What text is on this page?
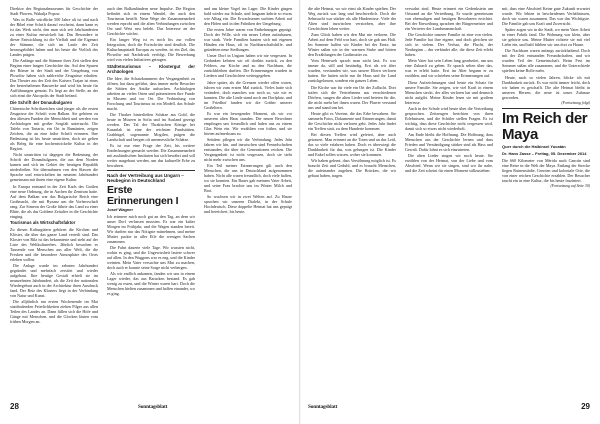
Direktor des Regionalmuseums für Geschichte der Stadt Plowen, Wakulja Popow.

Was in Bulle würdliche 500 Jahre alt ist und nach der Bibel eine Schrift darauf erscheint, dann kann es ist das Werk nicht, den man sich seit Jahrhunderten zu einer Kultur entwickelt hat. Das Besondere in dieser Entwicklung ist die Vielfalt und die Eigenart der Stämme, die sich im Laufe der Zeit herausgebildet haben und bis heute die Vielfalt des Landes prägen.

Die Anfänge und die Stämme ihrer Zeit stellen den Beginn einer langen Geschichte dar. Auf den Spuren der Römer in der Stadt und der Umgebung von Plowdiw haben sich zahlreiche Zeugnisse erhalten. Das Theater aus der Zeit des Kaisers Trajan ist eines der besterhaltenen Bauwerke und wird bis heute für Aufführungen genutzt. Es liegt an der Stelle, an der sich einst die Akropolis der Stadt befand.

Die Schrift der Donaubulgaren

Chinesische Schriftzeichen sind jünger als die ersten Zeugnisse der Schrift vom Balkan. Sie gehören zu den ältesten Funden der Menschheit und werden von Archäologen mit großer Sorgfalt untersucht. Die Tafeln von Tartaria, ein Ort in Rumänien, zeigen Zeichen, die an eine frühe Schrift erinnern. Ihre Bedeutung ist bis heute umstritten, doch sie gelten als Beleg für eine hochentwickelte Kultur in der Region.

Nicht umstritten ist dagegen die Bedeutung der Schrift der Donaubulgaren, die aus dem Norden kamen und sich im Gebiet der heutigen Republik niederließen. Sie übernahmen von den Slawen die Sprache und entwickelten im neunten Jahrhundert gemeinsam mit ihnen eine eigene Kultur.

In Europa entstand in der Zeit Karls des Großen eine neue Ordnung, die in Aachen ihr Zentrum hatte. Auf dem Balkan war das Bulgarische Reich eine Großmacht, die mit Byzanz um die Vorherrschaft rang. Zar Simeon der Große führte das Land zu einer Blüte, die als das Goldene Zeitalter in die Geschichte einging.

Tourismus als Wirtschaftsfaktor

Zu diesen Kulturgütern gehören die Kirchen und Klöster, die über das ganze Land verteilt sind. Das Kloster von Rila ist das bekannteste und steht auf der Liste des Weltkulturerbes. Jährlich besuchen es Tausende von Menschen aus aller Welt, die die Fresken und die besondere Atmosphäre des Ortes erleben wollen.

Die Anlage wurde im zehnten Jahrhundert gegründet und mehrfach zerstört und wieder aufgebaut. Ihre heutige Gestalt erhielt sie im neunzehnten Jahrhundert, als die Zeit der nationalen Wiedergeburt auch in der Architektur ihren Ausdruck fand. Der Reiz des Klosters liegt in der Verbindung von Natur und Kunst.

Die alljährlich am ersten Wochenende im Mai stattfindenden Feierlichkeiten ziehen Pilger aus allen Teilen des Landes an. Dann füllen sich die Höfe und Gänge mit Menschen, und die Glocken läuten vom frühen Morgen an.

auch den Balkanländern neue Impulse. Die Region befindet sich in einem Wandel, der auch den Tourismus betrifft. Neue Wege der Zusammenarbeit werden erprobt und die alten Verbindungen zwischen Ost und West neu belebt. Das Interesse an der Geschichte wächst.

Ein langer Weg ist es noch bis zur vollen Integration, doch die Fortschritte sind deutlich. Die Kulturhauptstadt Europas zu werden, ist ein Ziel, das Plowdiw mit Nachdruck verfolgt. Die Bewerbung wird von vielen Initiativen getragen.

Städtetourismus – Klostergut der Archäologen

Die Idee, die Schatzkammern der Vergangenheit zu öffnen, hat dazu geführt, dass immer mehr Besucher die Stätten der Antike aufsuchen. Archäologen arbeiten an vielen Orten und präsentieren ihre Funde in Museen und vor Ort. Die Verbindung von Forschung und Tourismus ist ein Modell, das Schule macht.

Die Thraker hinterließen Schätze aus Gold, die heute in Museen in Sofia und im Ausland gezeigt werden. Das Tal der Thrakischen Könige bei Kasanlak ist eine der reichsten Fundstätten. Grabhügel, sogenannte Mogilen, prägen die Landschaft und bergen oft unermessliche Schätze.

Es ist nur eine Frage der Zeit, bis weitere Entdeckungen gemacht werden. Die Zusammenarbeit mit ausländischen Instituten hat sich bewährt und soll weiter ausgebaut werden, um das kulturelle Erbe zu bewahren.

Nach der Vertreibung aus Ungarn – Neubeginn in Deutschland
Erste Erinnerungen I
Josef Wagner

Ich erinnere mich noch gut an den Tag, an dem wir unser Dorf verlassen mussten. Es war ein kalter Morgen im Frühjahr, und die Wagen standen bereit. Wir durften nur das Nötigste mitnehmen, und meine Mutter packte in aller Eile die wenigen Sachen zusammen.

Die Fahrt dauerte viele Tage. Wir wussten nicht, wohin es ging, und die Ungewissheit lastete schwer auf allen. In den Waggons war es eng, und die Kinder weinten. Mein Vater versuchte uns Mut zu machen, doch auch er konnte seine Sorge nicht verbergen.

Als wir endlich ankamen, fanden wir uns in einem Lager wieder, das aus Baracken bestand. Es gab wenig zu essen, und die Winter waren hart. Doch die Menschen hielten zusammen und halfen einander, wo es ging.

und ans kleine Vogel ins Lager. Die Kinder gingen bald wieder zur Schule, und langsam kehrte so etwas wie Alltag ein. Die Erwachsenen suchten Arbeit auf den Höfen und in den Fabriken der Umgebung.

Die ersten Jahre waren von Entbehrungen geprägt. Doch der Wille, sich ein neues Leben aufzubauen, war stark. Viele Familien bauten sich mit eigenen Händen ein Haus, oft in Nachbarschaftshilfe, und gründeten neue Siedlungen.

Unser Dorf in Ungarn haben wir nie vergessen. In Gedanken kehrten wir oft dorthin zurück, zu den Feldern, zur Kirche und zu den Nachbarn, die zurückbleiben durften. Die Erinnerungen wurden in Liedern und Geschichten weitergegeben.

Jahre später, als die Grenzen wieder offen waren, fuhren wir zum ersten Mal zurück. Vieles hatte sich verändert, doch manches war noch so, wie wir es kannten. Die alte Linde stand noch am Dorfplatz, und im Friedhof fanden wir die Gräber unserer Großeltern.

Es war ein bewegender Moment, als wir vor unserem alten Haus standen. Die neuen Bewohner empfingen uns freundlich und luden uns zu einem Glas Wein ein. Wir erzählten von früher, und sie hörten aufmerksam zu.

Seitdem pflegen wir die Verbindung. Jedes Jahr fahren wir hin, und inzwischen sind Freundschaften entstanden, die über die Generationen reichen. Die Vergangenheit ist nicht vergessen, doch sie steht nicht mehr zwischen uns.

Ein Teil meiner Erinnerungen gilt auch den Menschen, die uns in Deutschland aufgenommen haben. Nicht alle waren freundlich, doch viele halfen, wo sie konnten. Ein Bauer gab meinem Vater Arbeit, und seine Frau brachte uns im Winter Milch und Brot.

So wuchsen wir in zwei Welten auf. Zu Hause sprachen wir unseren Dialekt, in der Schule Hochdeutsch. Diese doppelte Heimat hat uns geprägt und bereichert, bis heute.

28	Sonntagsblatt

die alte Heimat, wo wir einst als Kinder spielten. Der Weg zurück war lang und beschwerlich. Doch die Sehnsucht war stärker als alle Hindernisse. Viele der Alten sind inzwischen verstorben, aber ihre Geschichten leben weiter.

Zum Glück haben wir den Mut nie verloren. Die Arbeit auf dem Feld war hart, doch sie gab uns Halt. Im Sommer halfen wir Kinder bei der Ernte, im Winter saßen wir in der warmen Stube und hörten den Erzählungen der Großmutter zu.

Vom Heimweh sprach man nicht laut. Es war immer da, still und beständig. Erst als wir älter wurden, verstanden wir, was unsere Eltern verloren hatten. Sie hatten nicht nur ihr Haus und ihr Land zurückgelassen, sondern ein ganzes Leben.

Die Kirche war für viele ein Ort der Zuflucht. Dort trafen sich die Vertriebenen aus verschiedenen Dörfern, sangen die alten Lieder und beteten für die, die nicht mehr bei ihnen waren. Der Pfarrer verstand uns und stand uns bei.

Heute gibt es Vereine, die das Erbe bewahren. Sie sammeln Fotos, Dokumente und Erinnerungen, damit die Geschichte nicht verloren geht. Jedes Jahr findet ein Treffen statt, zu dem Hunderte kommen.

Bei diesen Treffen wird gefeiert, aber auch getrauert. Man erinnert an die Toten und an das Leid, das so viele erfahren haben. Doch es überwiegt die Dankbarkeit für das, was gelungen ist. Die Kinder und Enkel sollen wissen, woher sie kommen.

Wir haben gelernt, dass Versöhnung möglich ist. Es braucht Zeit und Geduld, und es braucht Menschen, die aufeinander zugehen. Die Brücken, die wir gebaut haben, tragen.

verwahrt sind. Heute erinnert ein Gedenkstein am Ortsrand an die Vertreibung. Er wurde gemeinsam von ehemaligen und heutigen Bewohnern errichtet. Bei der Einweihung sprachen der Bürgermeister und ein Vertreter der Landsmannschaft.

Die Geschichte unserer Familie ist eine von vielen. Jede Familie hat ihre eigene, und doch gleichen sie sich in vielem. Der Verlust, die Flucht, der Neubeginn – das verbindet alle, die diese Zeit erlebt haben.

Mein Vater hat sein Leben lang gearbeitet, um uns eine Zukunft zu geben. Er sprach selten über das, was er erlebt hatte. Erst im Alter begann er zu erzählen, und wir schrieben seine Erinnerungen auf.

Diese Aufzeichnungen sind heute ein Schatz für unsere Familie. Sie zeigen, wie viel Kraft in einem Menschen steckt, der alles verloren hat und dennoch nicht aufgibt. Meine Kinder lesen sie mit großem Interesse.

Auch in der Schule wird heute über die Vertreibung gesprochen. Zeitzeugen berichten von ihren Erlebnissen, und die Schüler stellen Fragen. Es ist wichtig, dass diese Geschichte nicht vergessen wird, damit sich so etwas nicht wiederholt.

Am Ende bleibt die Hoffnung. Die Hoffnung, dass Menschen aus der Geschichte lernen und dass Frieden und Verständigung stärker sind als Hass und Gewalt. Dafür lohnt es sich einzutreten.

Die alten Lieder singen wir noch heute. Sie erzählen von der Heimat, von der Liebe und vom Abschied. Wenn wir sie singen, sind wir ihr nahe, und die Zeit scheint für einen Moment stillzustehen.

mit, dass eine Abschied Keine gute Zukunft erwartet wurde. Wir lebten in bescheidenen Verhältnissen, doch wir waren zusammen. Das war das Wichtigste. Die Familie gab uns Kraft und Zuversicht.

Später zogen wir in die Stadt, wo mein Vater Arbeit in einer Fabrik fand. Die Wohnung war klein, aber sie gehörte uns. Meine Mutter richtete sie mit viel Liebe ein, und bald fühlten wir uns dort zu Hause.

Die Nachbarn waren anfangs zurückhaltend. Doch mit der Zeit entstanden Freundschaften, und wir wurden Teil der Gemeinschaft. Beim Fest im Sommer saßen alle zusammen, und die Unterschiede spielten keine Rolle mehr.

Heute, nach so vielen Jahren, blicke ich mit Dankbarkeit zurück. Es war nicht immer leicht, doch wir haben es geschafft. Die alte Heimat bleibt in unseren Herzen, die neue ist unser Zuhause geworden.

(Fortsetzung folgt)
Im Reich der Maya
Quer durch die Halbinsel Yucatán
Dr. Hans Zasse – Freitag, 05. Dezember 2014

Die 660 Kilometer von Mérida nach Cancún sind eine Reise in die Welt der Maya. Entlang der Strecke liegen Ruinenstädte, Cenoten und koloniale Orte, die von einer reichen Geschichte erzählen. Der Besucher taucht ein in eine Kultur, die bis heute fasziniert.

(Fortsetzung auf Seite 30)
Sonntagsblatt	29
